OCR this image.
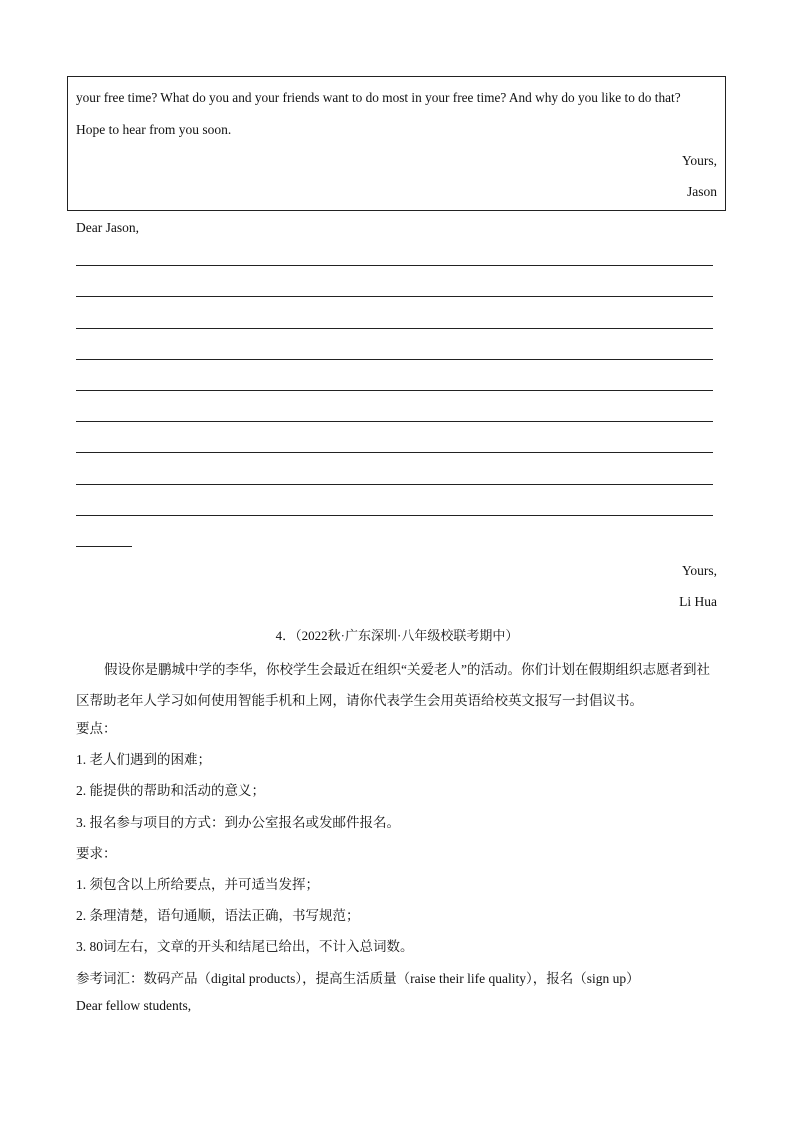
your free time? What do you and your friends want to do most in your free time? And why do you like to do that?
Hope to hear from you soon.
Yours,
Jason
Dear Jason,
Yours,
Li Hua
4．（2022秋·广东深圳·八年级校联考期中）
假设你是鹏城中学的李华，你校学生会最近在组织“关爱老人”的活动。你们计划在假期组织志愿者到社区帮助老年人学习如何使用智能手机和上网，请你代表学生会用英语给校英文报写一封倡议书。
要点：
1. 老人们遇到的困难；
2. 能提供的帮助和活动的意义；
3. 报名参与项目的方式：到办公室报名或发邮件报名。
要求：
1. 须包含以上所给要点，并可适当发挥；
2. 条理清楚，语句通顺，语法正确，书写规范；
3. 80词左右，文章的开头和结尾已给出，不计入总词数。
参考词汇：数码产品（digital products），提高生活质量（raise their life quality），报名（sign up）
Dear fellow students,
